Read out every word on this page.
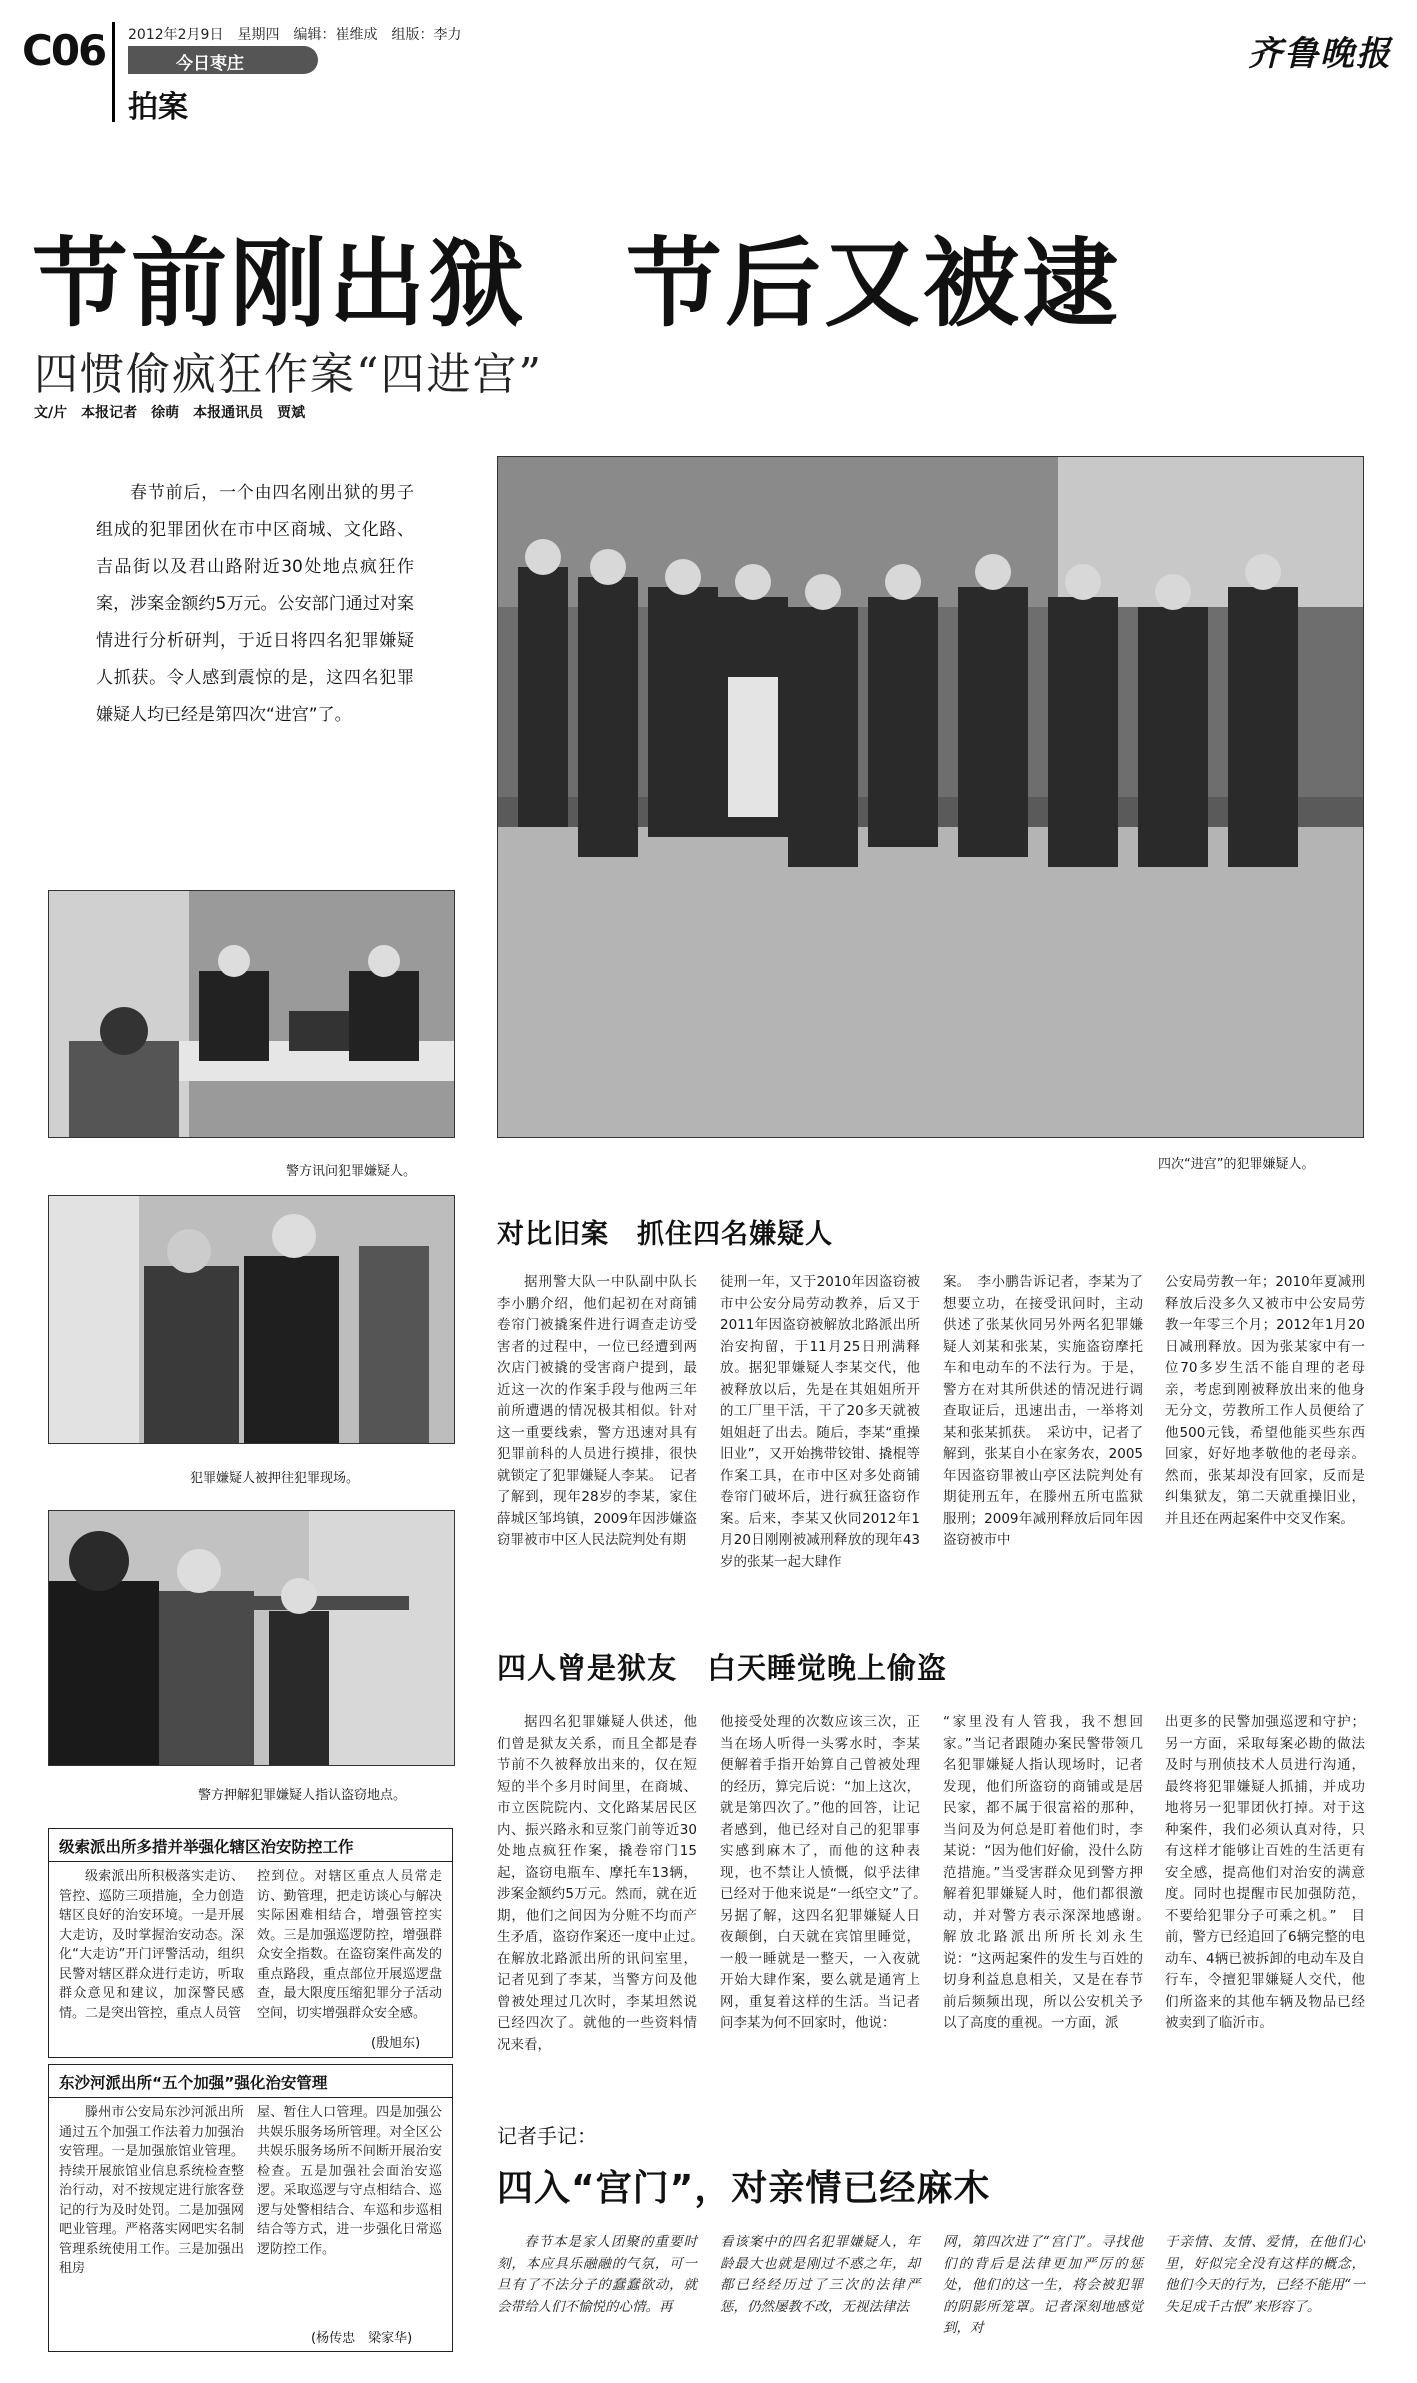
C06 2012年2月9日　星期四　编辑：崔维成　组版：李力
今日枣庄
拍案
齐鲁晚报
节前刚出狱　节后又被逮
四惯偷疯狂作案“四进宫”
文/片　本报记者　徐萌　本报通讯员　贾斌
春节前后，一个由四名刚出狱的男子组成的犯罪团伙在市中区商城、文化路、吉品街以及君山路附近30处地点疯狂作案，涉案金额约5万元。公安部门通过对案情进行分析研判，于近日将四名犯罪嫌疑人抓获。令人感到震惊的是，这四名犯罪嫌疑人均已经是第四次“进宫”了。
四次“进宫”的犯罪嫌疑人。
警方讯问犯罪嫌疑人。
犯罪嫌疑人被押往犯罪现场。
警方押解犯罪嫌疑人指认盗窃地点。
对比旧案　抓住四名嫌疑人
据刑警大队一中队副中队长李小鹏介绍，他们起初在对商铺卷帘门被撬案件进行调查走访受害者的过程中，一位已经遭到两次店门被撬的受害商户提到，最近这一次的作案手段与他两三年前所遭遇的情况极其相似。针对这一重要线索，警方迅速对具有犯罪前科的人员进行摸排，很快就锁定了犯罪嫌疑人李某。　记者了解到，现年28岁的李某，家住薛城区邹坞镇，2009年因涉嫌盗窃罪被市中区人民法院判处有期
徒刑一年，又于2010年因盗窃被市中公安分局劳动教养，后又于2011年因盗窃被解放北路派出所治安拘留，于11月25日刑满释放。据犯罪嫌疑人李某交代，他被释放以后，先是在其姐姐所开的工厂里干活，干了20多天就被姐姐赶了出去。随后，李某“重操旧业”，又开始携带铰钳、撬棍等作案工具，在市中区对多处商铺卷帘门破坏后，进行疯狂盗窃作案。后来，李某又伙同2012年1月20日刚刚被减刑释放的现年43岁的张某一起大肆作
案。　李小鹏告诉记者，李某为了想要立功，在接受讯问时，主动供述了张某伙同另外两名犯罪嫌疑人刘某和张某，实施盗窃摩托车和电动车的不法行为。于是，警方在对其所供述的情况进行调查取证后，迅速出击，一举将刘某和张某抓获。　采访中，记者了解到，张某自小在家务农，2005年因盗窃罪被山亭区法院判处有期徒刑五年，在滕州五所屯监狱服刑；2009年减刑释放后同年因盗窃被市中
公安局劳教一年；2010年夏减刑释放后没多久又被市中公安局劳教一年零三个月；2012年1月20日减刑释放。因为张某家中有一位70多岁生活不能自理的老母亲，考虑到刚被释放出来的他身无分文，劳教所工作人员便给了他500元钱，希望他能买些东西回家，好好地孝敬他的老母亲。然而，张某却没有回家，反而是纠集狱友，第二天就重操旧业，并且还在两起案件中交叉作案。
四人曾是狱友　白天睡觉晚上偷盗
据四名犯罪嫌疑人供述，他们曾是狱友关系，而且全都是春节前不久被释放出来的，仅在短短的半个多月时间里，在商城、市立医院院内、文化路某居民区内、振兴路永和豆浆门前等近30处地点疯狂作案，撬卷帘门15起，盗窃电瓶车、摩托车13辆，涉案金额约5万元。然而，就在近期，他们之间因为分赃不均而产生矛盾，盗窃作案还一度中止过。　在解放北路派出所的讯问室里，记者见到了李某，当警方问及他曾被处理过几次时，李某坦然说已经四次了。就他的一些资料情况来看，
他接受处理的次数应该三次，正当在场人听得一头雾水时，李某便解着手指开始算自己曾被处理的经历，算完后说：“加上这次，就是第四次了。”他的回答，让记者感到，他已经对自己的犯罪事实感到麻木了，而他的这种表现，也不禁让人愤慨，似乎法律已经对于他来说是“一纸空文”了。　另据了解，这四名犯罪嫌疑人日夜颠倒，白天就在宾馆里睡觉，一般一睡就是一整天，一入夜就开始大肆作案，要么就是通宵上网，重复着这样的生活。当记者问李某为何不回家时，他说：
“家里没有人管我，我不想回家。”当记者跟随办案民警带领几名犯罪嫌疑人指认现场时，记者发现，他们所盗窃的商铺或是居民家，都不属于很富裕的那种，当问及为何总是盯着他们时，李某说：“因为他们好偷，没什么防范措施。”当受害群众见到警方押解着犯罪嫌疑人时，他们都很激动，并对警方表示深深地感谢。　解放北路派出所所长刘永生说：“这两起案件的发生与百姓的切身利益息息相关，又是在春节前后频频出现，所以公安机关予以了高度的重视。一方面，派
出更多的民警加强巡逻和守护；另一方面，采取每案必勘的做法及时与刑侦技术人员进行沟通，最终将犯罪嫌疑人抓捕，并成功地将另一犯罪团伙打掉。对于这种案件，我们必须认真对待，只有这样才能够让百姓的生活更有安全感，提高他们对治安的满意度。同时也提醒市民加强防范，不要给犯罪分子可乘之机。”　目前，警方已经追回了6辆完整的电动车、4辆已被拆卸的电动车及自行车，令擅犯罪嫌疑人交代，他们所盗来的其他车辆及物品已经被卖到了临沂市。
记者手记：
四入“宫门”，对亲情已经麻木
春节本是家人团聚的重要时刻，本应具乐融融的气氛，可一旦有了不法分子的蠢蠢欲动，就会带给人们不愉悦的心情。再
看该案中的四名犯罪嫌疑人，年龄最大也就是刚过不惑之年，却都已经经历过了三次的法律严惩，仍然屡教不改，无视法律法
网，第四次进了“宫门”。寻找他们的背后是法律更加严厉的惩处，他们的这一生，将会被犯罪的阴影所笼罩。记者深刻地感觉到，对
于亲情、友情、爱情，在他们心里，好似完全没有这样的概念，他们今天的行为，已经不能用“一失足成千古恨”来形容了。
级索派出所多措并举强化辖区治安防控工作
级索派出所积极落实走访、管控、巡防三项措施，全力创造辖区良好的治安环境。一是开展大走访，及时掌握治安动态。深化“大走访”开门评警活动，组织民警对辖区群众进行走访，听取群众意见和建议，加深警民感情。二是突出管控，重点人员管
控到位。对辖区重点人员常走访、勤管理，把走访谈心与解决实际困难相结合，增强管控实效。三是加强巡逻防控，增强群众安全指数。在盗窃案件高发的重点路段，重点部位开展巡逻盘查，最大限度压缩犯罪分子活动空间，切实增强群众安全感。
(殷旭东)
东沙河派出所“五个加强”强化治安管理
滕州市公安局东沙河派出所通过五个加强工作法着力加强治安管理。一是加强旅馆业管理。持续开展旅馆业信息系统检查整治行动，对不按规定进行旅客登记的行为及时处罚。二是加强网吧业管理。严格落实网吧实名制管理系统使用工作。三是加强出租房
屋、暂住人口管理。四是加强公共娱乐服务场所管理。对全区公共娱乐服务场所不间断开展治安检查。五是加强社会面治安巡逻。采取巡逻与守点相结合、巡逻与处警相结合、车巡和步巡相结合等方式，进一步强化日常巡逻防控工作。
(杨传忠　梁家华)
